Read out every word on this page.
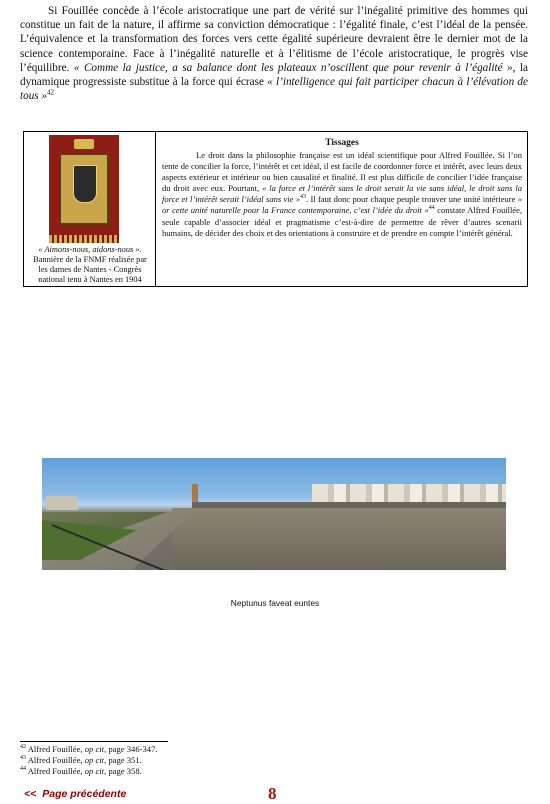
Si Fouillée concède à l’école aristocratique une part de vérité sur l’inégalité primitive des hommes qui constitue un fait de la nature, il affirme sa conviction démocratique : l’égalité finale, c’est l’idéal de la pensée. L’équivalence et la transformation des forces vers cette égalité supérieure devraient être le dernier mot de la science contemporaine. Face à l’inégalité naturelle et à l’élitisme de l’école aristocratique, le progrès vise l’équilibre. « Comme la justice, a sa balance dont les plateaux n’oscillent que pour revenir à l’égalité », la dynamique progressiste substitue à la force qui écrase « l’intelligence qui fait participer chacun à l’élévation de tous »$^{42}$

« Aimons-nous, aidons-nous ».
Bannière de la FNMF réalisée par
les dames de Nantes - Congrès
national tenu à Nantes en 1904

Tissages

Le droit dans la philosophie française est un idéal scientifique pour Alfred Fouillée. Si l’on tente de concilier la force, l’intérêt et cet idéal, il est facile de coordonner force et intérêt, avec leurs deux aspects extérieur et intérieur ou bien causalité et finalité. Il est plus difficile de concilier l’idée française du droit avec eux. Pourtant, « la force et l’intérêt sans le droit serait la vie sans idéal, le droit sans la force et l’intérêt serait l’idéal sans vie »$^{43}$. Il faut donc pour chaque peuple trouver une unité intérieure « or cette unité naturelle pour la France contemporaine, c’est l’idée du droit »$^{44}$ constate Alfred Fouillée, seule capable d’associer idéal et pragmatisme c’est-à-dire de permettre de rêver d’autres scenarii humains, de décider des choix et des orientations à construire et de prendre en compte l’intérêt général.

Neptunus faveat euntes
$^{42}$ Alfred Fouillée, op cit, page 346-347.
$^{43}$ Alfred Fouillée, op cit, page 351.
$^{44}$ Alfred Fouillée, op cit, page 358.
<< Page précédente	8
